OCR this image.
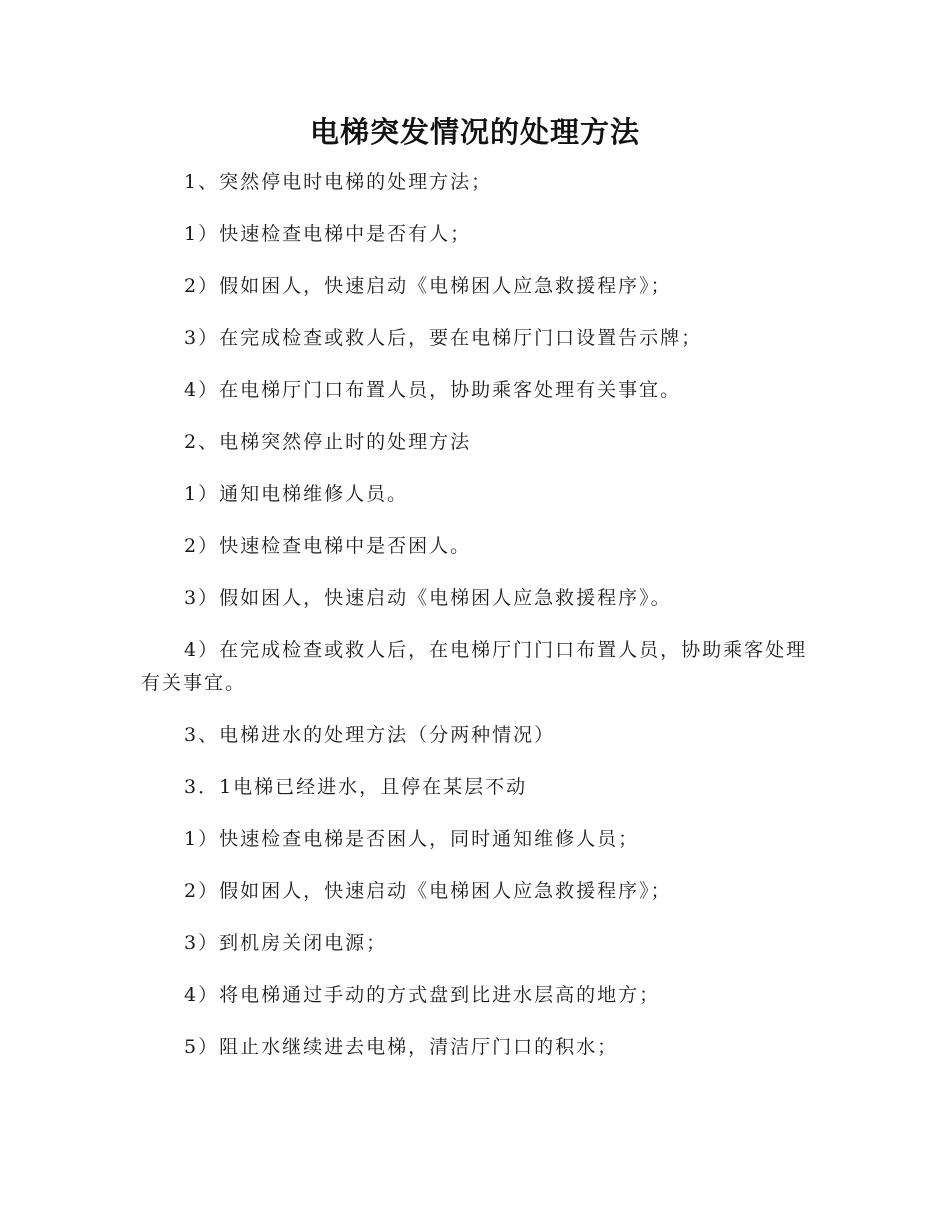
电梯突发情况的处理方法

1、突然停电时电梯的处理方法；

1）快速检查电梯中是否有人；

2）假如困人，快速启动《电梯困人应急救援程序》；

3）在完成检查或救人后，要在电梯厅门口设置告示牌；

4）在电梯厅门口布置人员，协助乘客处理有关事宜。

2、电梯突然停止时的处理方法

1）通知电梯维修人员。

2）快速检查电梯中是否困人。

3）假如困人，快速启动《电梯困人应急救援程序》。

4）在完成检查或救人后，在电梯厅门门口布置人员，协助乘客处理有关事宜。

3、电梯进水的处理方法（分两种情况）

3．1电梯已经进水，且停在某层不动

1）快速检查电梯是否困人，同时通知维修人员；

2）假如困人，快速启动《电梯困人应急救援程序》；

3）到机房关闭电源；

4）将电梯通过手动的方式盘到比进水层高的地方；

5）阻止水继续进去电梯，清洁厅门口的积水；
